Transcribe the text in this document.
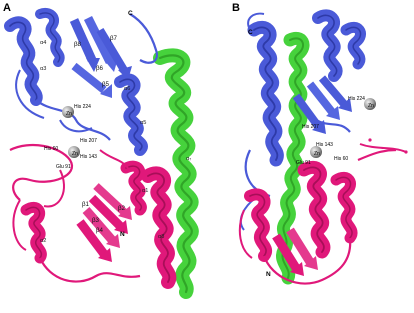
A	C
N
α4
α3
β7
β8
β6
β5
α6
α5
α₇
α1
α8
α2
β1
β2
β3
β4
His 224
Zn
His 207
His 60
Zn His 143
Glu 91
B
C
N
His 224
Zn
His 207
His 143
Zn
His 60
Glu 91
